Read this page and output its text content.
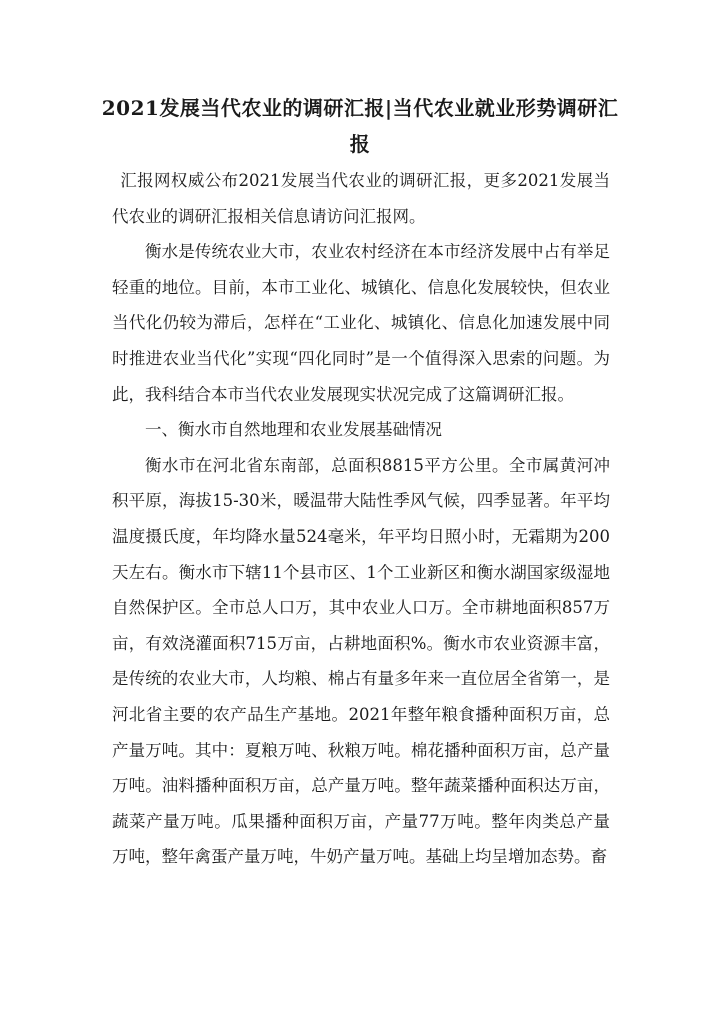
2021发展当代农业的调研汇报|当代农业就业形势调研汇报

汇报网权威公布2021发展当代农业的调研汇报，更多2021发展当代农业的调研汇报相关信息请访问汇报网。

衡水是传统农业大市，农业农村经济在本市经济发展中占有举足轻重的地位。目前，本市工业化、城镇化、信息化发展较快，但农业当代化仍较为滞后，怎样在“工业化、城镇化、信息化加速发展中同时推进农业当代化”实现“四化同时”是一个值得深入思索的问题。为此，我科结合本市当代农业发展现实状况完成了这篇调研汇报。

一、衡水市自然地理和农业发展基础情况

衡水市在河北省东南部，总面积8815平方公里。全市属黄河冲积平原，海拔15-30米，暖温带大陆性季风气候，四季显著。年平均温度摄氏度，年均降水量524毫米，年平均日照小时，无霜期为200天左右。衡水市下辖11个县市区、1个工业新区和衡水湖国家级湿地自然保护区。全市总人口万，其中农业人口万。全市耕地面积857万亩，有效浇灌面积715万亩，占耕地面积%。衡水市农业资源丰富，是传统的农业大市，人均粮、棉占有量多年来一直位居全省第一，是河北省主要的农产品生产基地。2021年整年粮食播种面积万亩，总产量万吨。其中：夏粮万吨、秋粮万吨。棉花播种面积万亩，总产量万吨。油料播种面积万亩，总产量万吨。整年蔬菜播种面积达万亩，蔬菜产量万吨。瓜果播种面积万亩，产量77万吨。整年肉类总产量万吨，整年禽蛋产量万吨，牛奶产量万吨。基础上均呈增加态势。畜
